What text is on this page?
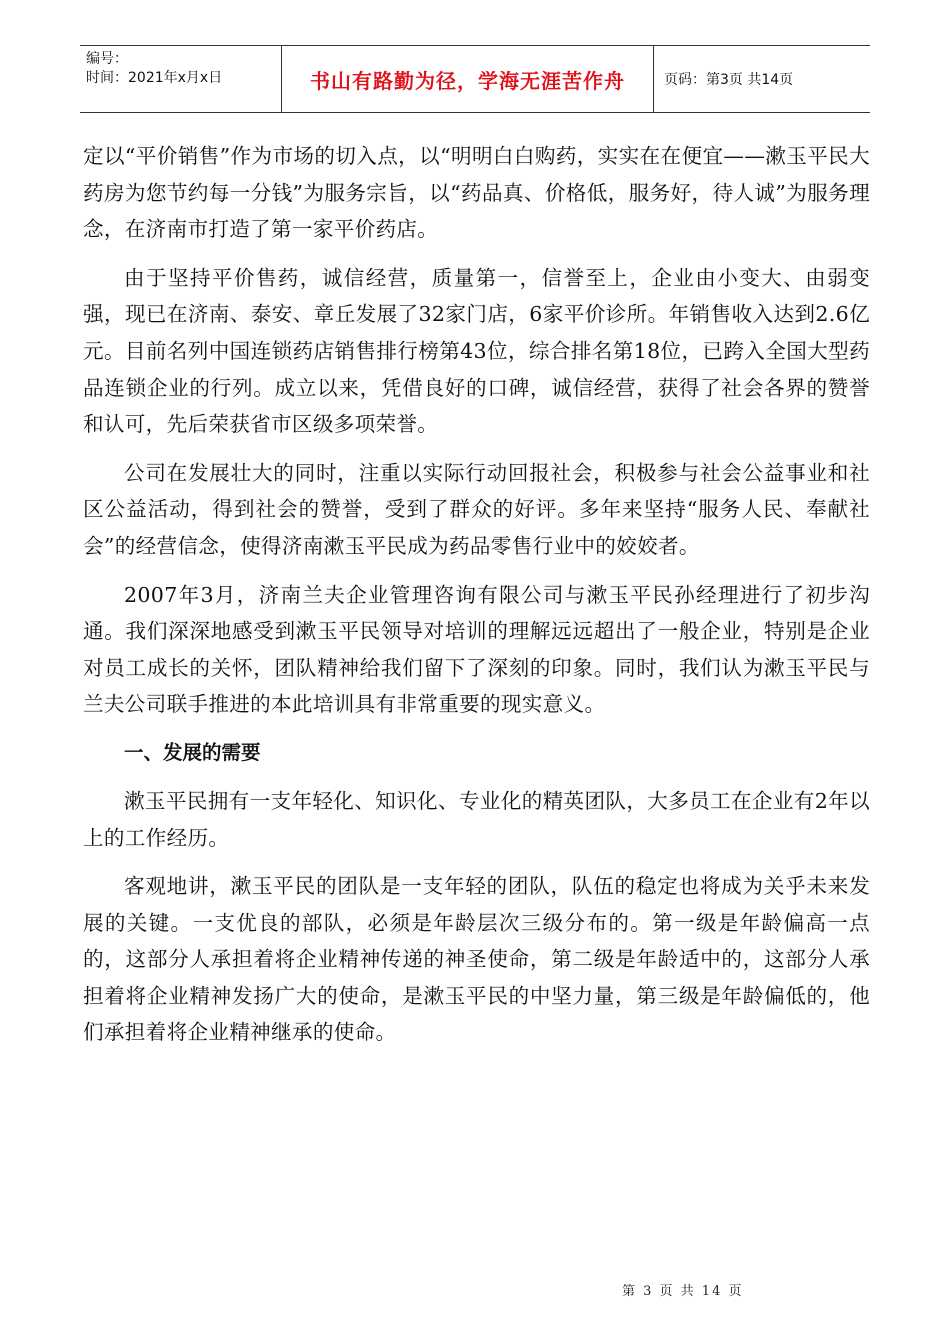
编号：
时间：2021年x月x日	书山有路勤为径，学海无涯苦作舟	页码：第3页 共14页

定以“平价销售”作为市场的切入点，以“明明白白购药，实实在在便宜——漱玉平民大药房为您节约每一分钱”为服务宗旨，以“药品真、价格低，服务好，待人诚”为服务理念，在济南市打造了第一家平价药店。

由于坚持平价售药，诚信经营，质量第一，信誉至上，企业由小变大、由弱变强，现已在济南、泰安、章丘发展了32家门店，6家平价诊所。年销售收入达到2.6亿元。目前名列中国连锁药店销售排行榜第43位，综合排名第18位，已跨入全国大型药品连锁企业的行列。成立以来，凭借良好的口碑，诚信经营，获得了社会各界的赞誉和认可，先后荣获省市区级多项荣誉。

公司在发展壮大的同时，注重以实际行动回报社会，积极参与社会公益事业和社区公益活动，得到社会的赞誉，受到了群众的好评。多年来坚持“服务人民、奉献社会”的经营信念，使得济南漱玉平民成为药品零售行业中的姣姣者。

2007年3月，济南兰夫企业管理咨询有限公司与漱玉平民孙经理进行了初步沟通。我们深深地感受到漱玉平民领导对培训的理解远远超出了一般企业，特别是企业对员工成长的关怀，团队精神给我们留下了深刻的印象。同时，我们认为漱玉平民与兰夫公司联手推进的本此培训具有非常重要的现实意义。

一、发展的需要

漱玉平民拥有一支年轻化、知识化、专业化的精英团队，大多员工在企业有2年以上的工作经历。

客观地讲，漱玉平民的团队是一支年轻的团队，队伍的稳定也将成为关乎未来发展的关键。一支优良的部队，必须是年龄层次三级分布的。第一级是年龄偏高一点的，这部分人承担着将企业精神传递的神圣使命，第二级是年龄适中的，这部分人承担着将企业精神发扬广大的使命，是漱玉平民的中坚力量，第三级是年龄偏低的，他们承担着将企业精神继承的使命。

第 3 页 共 14 页
